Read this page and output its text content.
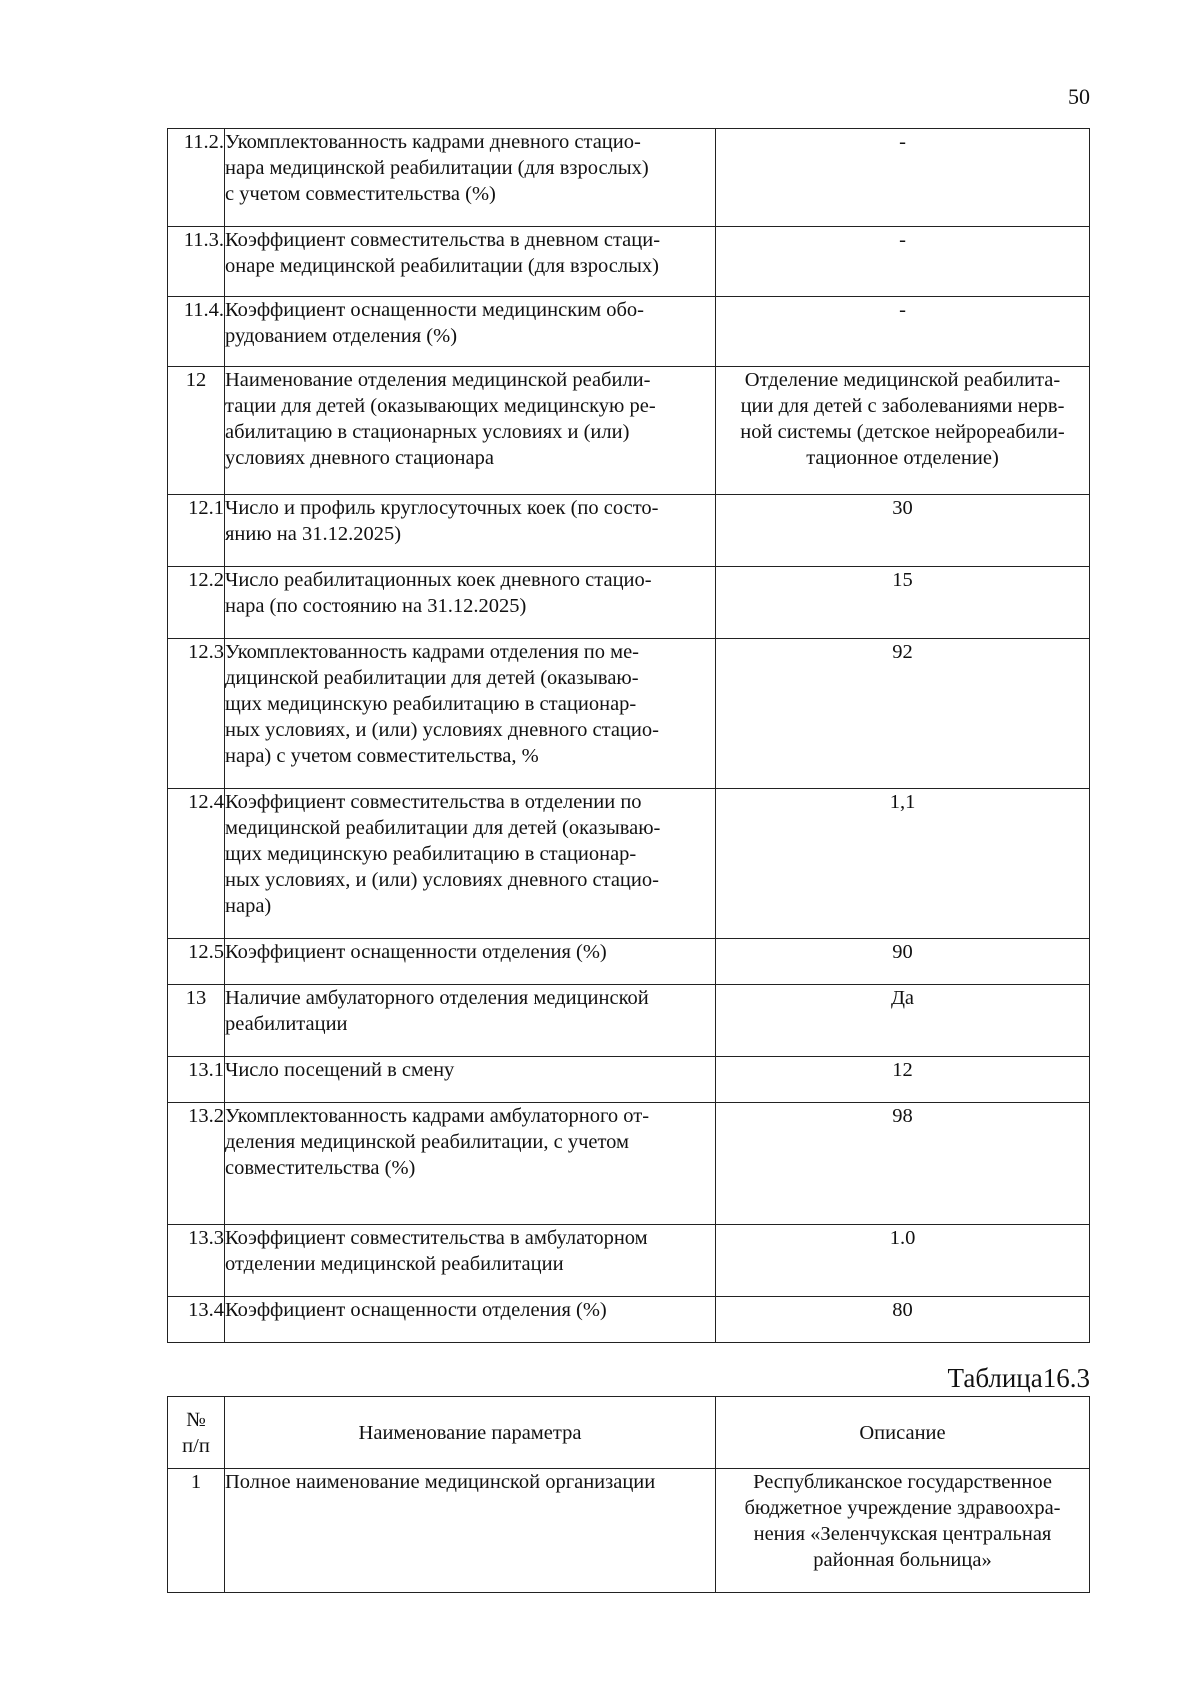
50
11.2.	Укомплектованность кадрами дневного стацио-
нара медицинской реабилитации (для взрослых)
с учетом совместительства (%)	-
11.3.	Коэффициент совместительства в дневном стаци-
онаре медицинской реабилитации (для взрослых)	-
11.4.	Коэффициент оснащенности медицинским обо-
рудованием отделения (%)	-
12	Наименование отделения медицинской реабили-
тации для детей (оказывающих медицинскую ре-
абилитацию в стационарных условиях и (или)
условиях дневного стационара	Отделение медицинской реабилита-
ции для детей с заболеваниями нерв-
ной системы (детское нейрореабили-
тационное отделение)
12.1	Число и профиль круглосуточных коек (по состо-
янию на 31.12.2025)	30
12.2	Число реабилитационных коек дневного стацио-
нара (по состоянию на 31.12.2025)	15
12.3	Укомплектованность кадрами отделения по ме-
дицинской реабилитации для детей (оказываю-
щих медицинскую реабилитацию в стационар-
ных условиях, и (или) условиях дневного стацио-
нара) с учетом совместительства, %	92
12.4	Коэффициент совместительства в отделении по
медицинской реабилитации для детей (оказываю-
щих медицинскую реабилитацию в стационар-
ных условиях, и (или) условиях дневного стацио-
нара)	1,1
12.5	Коэффициент оснащенности отделения (%)	90
13	Наличие амбулаторного отделения медицинской
реабилитации	Да
13.1	Число посещений в смену	12
13.2	Укомплектованность кадрами амбулаторного от-
деления медицинской реабилитации, с учетом
совместительства (%)	98
13.3	Коэффициент совместительства в амбулаторном
отделении медицинской реабилитации	1.0
13.4	Коэффициент оснащенности отделения (%)	80
Таблица16.3
№
п/п	Наименование параметра	Описание
1	Полное наименование медицинской организации	Республиканское государственное
бюджетное учреждение здравоохра-
нения «Зеленчукская центральная
районная больница»
